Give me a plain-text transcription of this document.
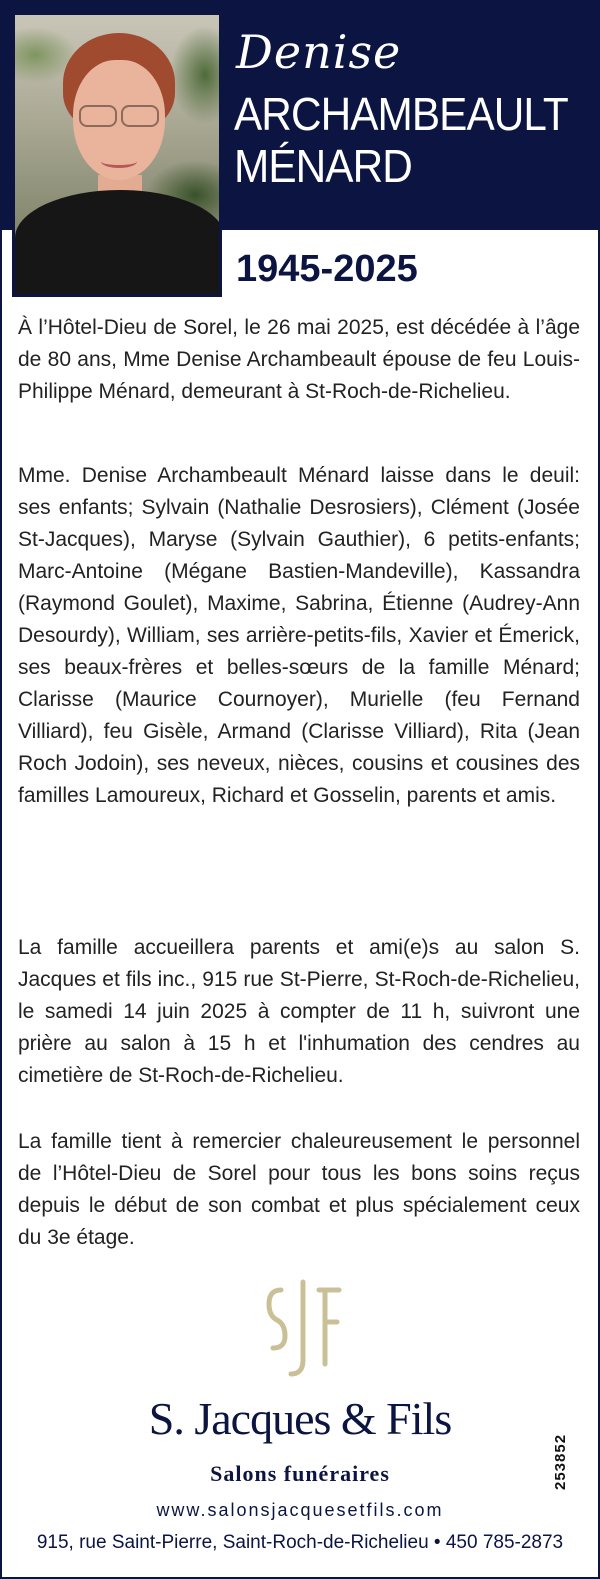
Denise
ARCHAMBEAULT
MÉNARD
1945-2025
À l’Hôtel-Dieu de Sorel, le 26 mai 2025, est décédée à l’âge de 80 ans, Mme Denise Archambeault épouse de feu Louis-Philippe Ménard, demeurant à St-Roch-de-Richelieu.
Mme. Denise Archambeault Ménard laisse dans le deuil: ses enfants; Sylvain (Nathalie Desrosiers), Clément (Josée St-Jacques), Maryse (Sylvain Gauthier), 6 petits-enfants; Marc-Antoine (Mégane Bastien-Mandeville), Kassandra (Raymond Goulet), Maxime, Sabrina, Étienne (Audrey-Ann Desourdy), William, ses arrière-petits-fils, Xavier et Émerick, ses beaux-frères et belles-sœurs de la famille Ménard; Clarisse (Maurice Cournoyer), Murielle (feu Fernand Villiard), feu Gisèle, Armand (Clarisse Villiard), Rita (Jean Roch Jodoin), ses neveux, nièces, cousins et cousines des familles Lamoureux, Richard et Gosselin, parents et amis.
La famille accueillera parents et ami(e)s au salon S. Jacques et fils inc., 915 rue St-Pierre, St-Roch-de-Richelieu, le samedi 14 juin 2025 à compter de 11 h, suivront une prière au salon à 15 h et l'inhumation des cendres au cimetière de St-Roch-de-Richelieu.
La famille tient à remercier chaleureusement le personnel de l’Hôtel-Dieu de Sorel pour tous les bons soins reçus depuis le début de son combat et plus spécialement ceux du 3e étage.
S. Jacques & Fils
Salons funéraires
www.salonsjacquesetfils.com
915, rue Saint-Pierre, Saint-Roch-de-Richelieu • 450 785-2873
253852
